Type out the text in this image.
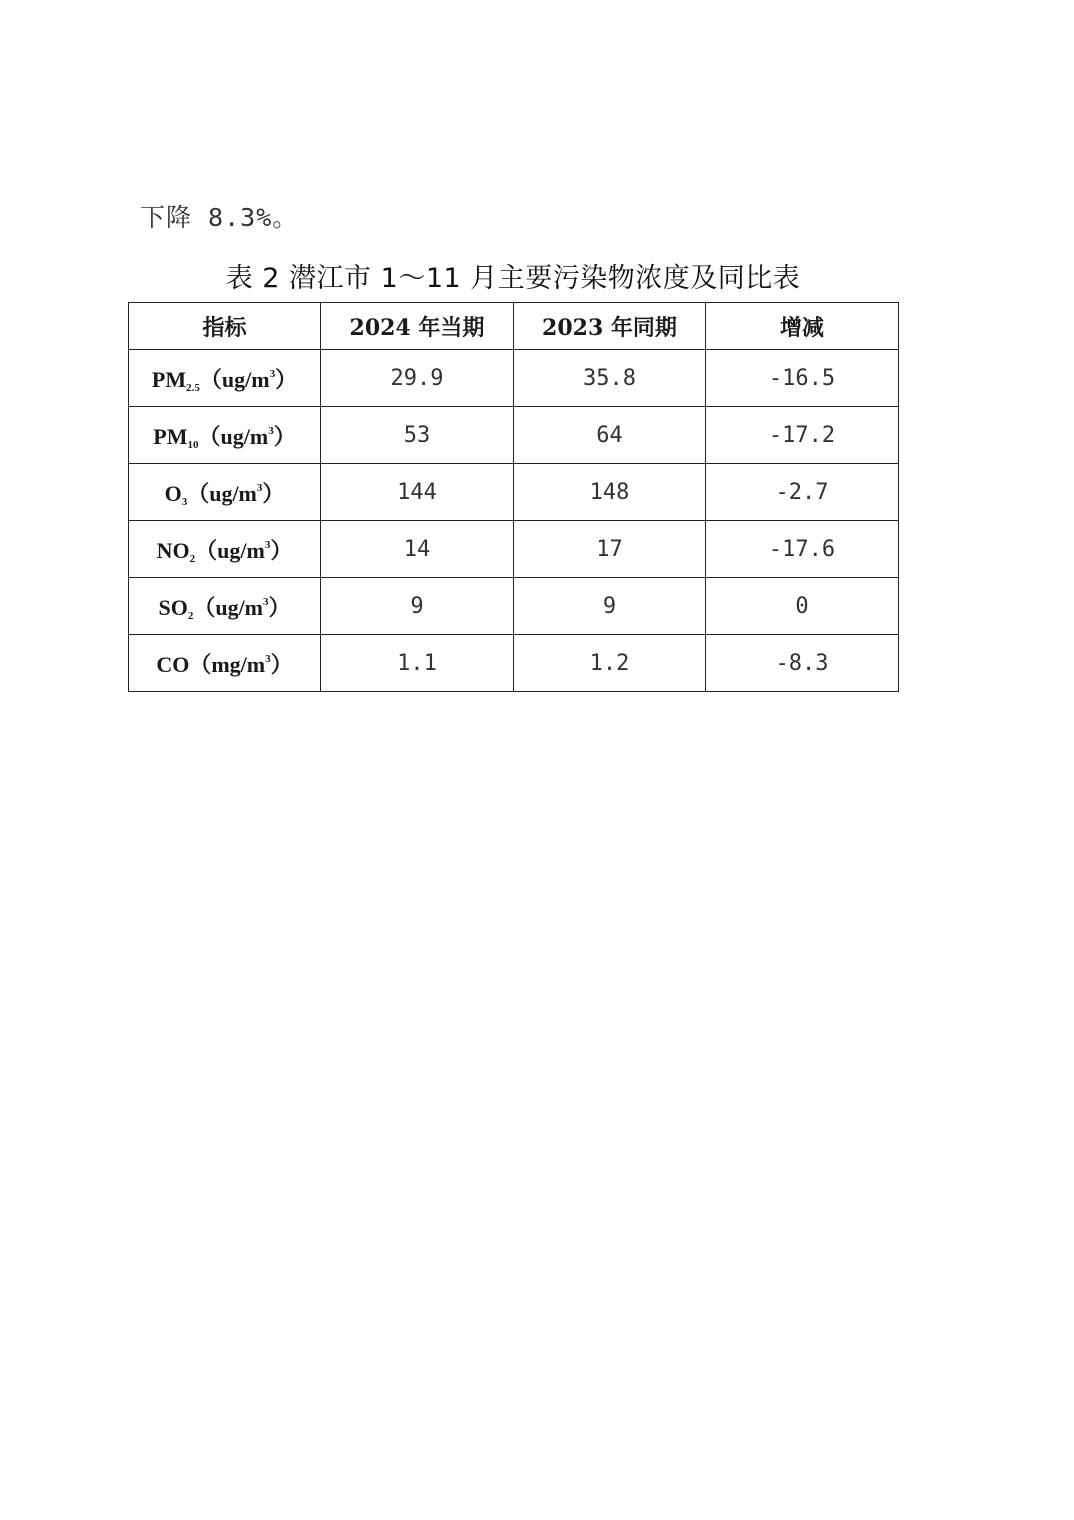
下降 8.3%。
表 2 潜江市 1～11 月主要污染物浓度及同比表
指标	2024 年当期	2023 年同期	增减
$PM_{2.5}(ug/m^3)$	29.9	35.8	-16.5
$PM_{10}(ug/m^3)$	53	64	-17.2
$O_3(ug/m^3)$	144	148	-2.7
$NO_2(ug/m^3)$	14	17	-17.6
$SO_2(ug/m^3)$	9	9	0
$CO(mg/m^3)$	1.1	1.2	-8.3
